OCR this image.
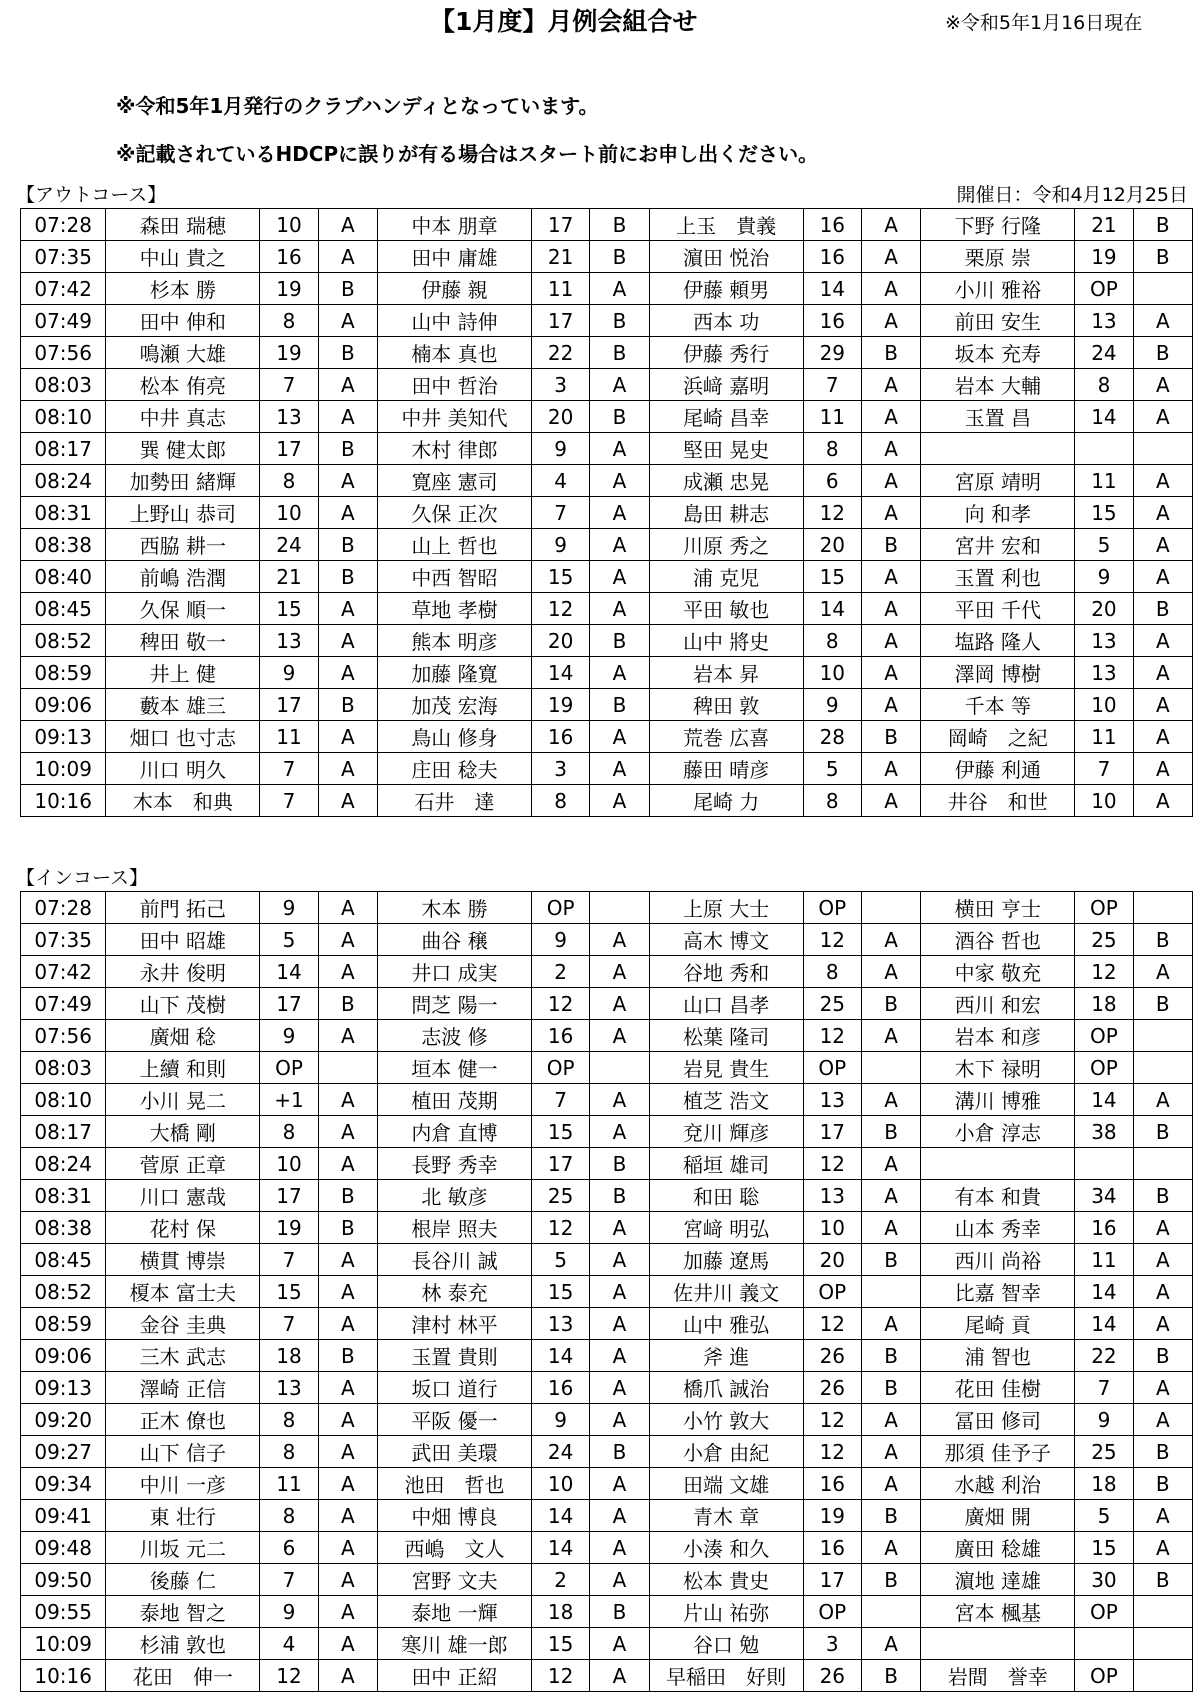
【1月度】月例会組合せ	※令和5年1月16日現在
※令和5年1月発行のクラブハンディとなっています。
※記載されているHDCPに誤りが有る場合はスタート前にお申し出ください。
【アウトコース】	開催日：令和4月12月25日
07:28	森田 瑞穂	10	A	中本 朋章	17	B	上玉　貴義	16	A	下野 行隆	21	B
07:35	中山 貴之	16	A	田中 庸雄	21	B	濵田 悦治	16	A	栗原 崇	19	B
07:42	杉本 勝	19	B	伊藤 親	11	A	伊藤 頼男	14	A	小川 雅裕	OP	
07:49	田中 伸和	8	A	山中 詩伸	17	B	西本 功	16	A	前田 安生	13	A
07:56	鳴瀬 大雄	19	B	楠本 真也	22	B	伊藤 秀行	29	B	坂本 充寿	24	B
08:03	松本 侑亮	7	A	田中 哲治	3	A	浜﨑 嘉明	7	A	岩本 大輔	8	A
08:10	中井 真志	13	A	中井 美知代	20	B	尾崎 昌幸	11	A	玉置 昌	14	A
08:17	巽 健太郎	17	B	木村 律郎	9	A	堅田 晃史	8	A			
08:24	加勢田 緒輝	8	A	寛座 憲司	4	A	成瀬 忠晃	6	A	宮原 靖明	11	A
08:31	上野山 恭司	10	A	久保 正次	7	A	島田 耕志	12	A	向 和孝	15	A
08:38	西脇 耕一	24	B	山上 哲也	9	A	川原 秀之	20	B	宮井 宏和	5	A
08:40	前嶋 浩潤	21	B	中西 智昭	15	A	浦 克児	15	A	玉置 利也	9	A
08:45	久保 順一	15	A	草地 孝樹	12	A	平田 敏也	14	A	平田 千代	20	B
08:52	稗田 敬一	13	A	熊本 明彦	20	B	山中 將史	8	A	塩路 隆人	13	A
08:59	井上 健	9	A	加藤 隆寛	14	A	岩本 昇	10	A	澤岡 博樹	13	A
09:06	藪本 雄三	17	B	加茂 宏海	19	B	稗田 敦	9	A	千本 等	10	A
09:13	畑口 也寸志	11	A	鳥山 修身	16	A	荒巻 広喜	28	B	岡崎　之紀	11	A
10:09	川口 明久	7	A	庄田 稔夫	3	A	藤田 晴彦	5	A	伊藤 利通	7	A
10:16	木本　和典	7	A	石井　達	8	A	尾崎 力	8	A	井谷　和世	10	A
【インコース】
07:28	前門 拓己	9	A	木本 勝	OP		上原 大士	OP		横田 亨士	OP	
07:35	田中 昭雄	5	A	曲谷 穣	9	A	高木 博文	12	A	酒谷 哲也	25	B
07:42	永井 俊明	14	A	井口 成実	2	A	谷地 秀和	8	A	中家 敬充	12	A
07:49	山下 茂樹	17	B	問芝 陽一	12	A	山口 昌孝	25	B	西川 和宏	18	B
07:56	廣畑 稔	9	A	志波 修	16	A	松葉 隆司	12	A	岩本 和彦	OP	
08:03	上續 和則	OP		垣本 健一	OP		岩見 貴生	OP		木下 禄明	OP	
08:10	小川 晃二	+1	A	植田 茂期	7	A	植芝 浩文	13	A	溝川 博雅	14	A
08:17	大橋 剛	8	A	内倉 直博	15	A	兗川 輝彦	17	B	小倉 淳志	38	B
08:24	菅原 正章	10	A	長野 秀幸	17	B	稲垣 雄司	12	A			
08:31	川口 憲哉	17	B	北 敏彦	25	B	和田 聡	13	A	有本 和貴	34	B
08:38	花村 保	19	B	根岸 照夫	12	A	宮﨑 明弘	10	A	山本 秀幸	16	A
08:45	横貫 博崇	7	A	長谷川 誠	5	A	加藤 遼馬	20	B	西川 尚裕	11	A
08:52	榎本 富士夫	15	A	林 泰充	15	A	佐井川 義文	OP		比嘉 智幸	14	A
08:59	金谷 圭典	7	A	津村 林平	13	A	山中 雅弘	12	A	尾崎 貢	14	A
09:06	三木 武志	18	B	玉置 貴則	14	A	斧 進	26	B	浦 智也	22	B
09:13	澤崎 正信	13	A	坂口 道行	16	A	橋爪 誠治	26	B	花田 佳樹	7	A
09:20	正木 僚也	8	A	平阪 優一	9	A	小竹 敦大	12	A	冨田 修司	9	A
09:27	山下 信子	8	A	武田 美環	24	B	小倉 由紀	12	A	那須 佳予子	25	B
09:34	中川 一彦	11	A	池田　哲也	10	A	田端 文雄	16	A	水越 利治	18	B
09:41	東 壮行	8	A	中畑 博良	14	A	青木 章	19	B	廣畑 開	5	A
09:48	川坂 元二	6	A	西嶋　文人	14	A	小湊 和久	16	A	廣田 稔雄	15	A
09:50	後藤 仁	7	A	宮野 文夫	2	A	松本 貴史	17	B	濵地 達雄	30	B
09:55	泰地 智之	9	A	泰地 一輝	18	B	片山 祐弥	OP		宮本 楓基	OP	
10:09	杉浦 敦也	4	A	寒川 雄一郎	15	A	谷口 勉	3	A			
10:16	花田　伸一	12	A	田中 正紹	12	A	早稲田　好則	26	B	岩間　誉幸	OP	
